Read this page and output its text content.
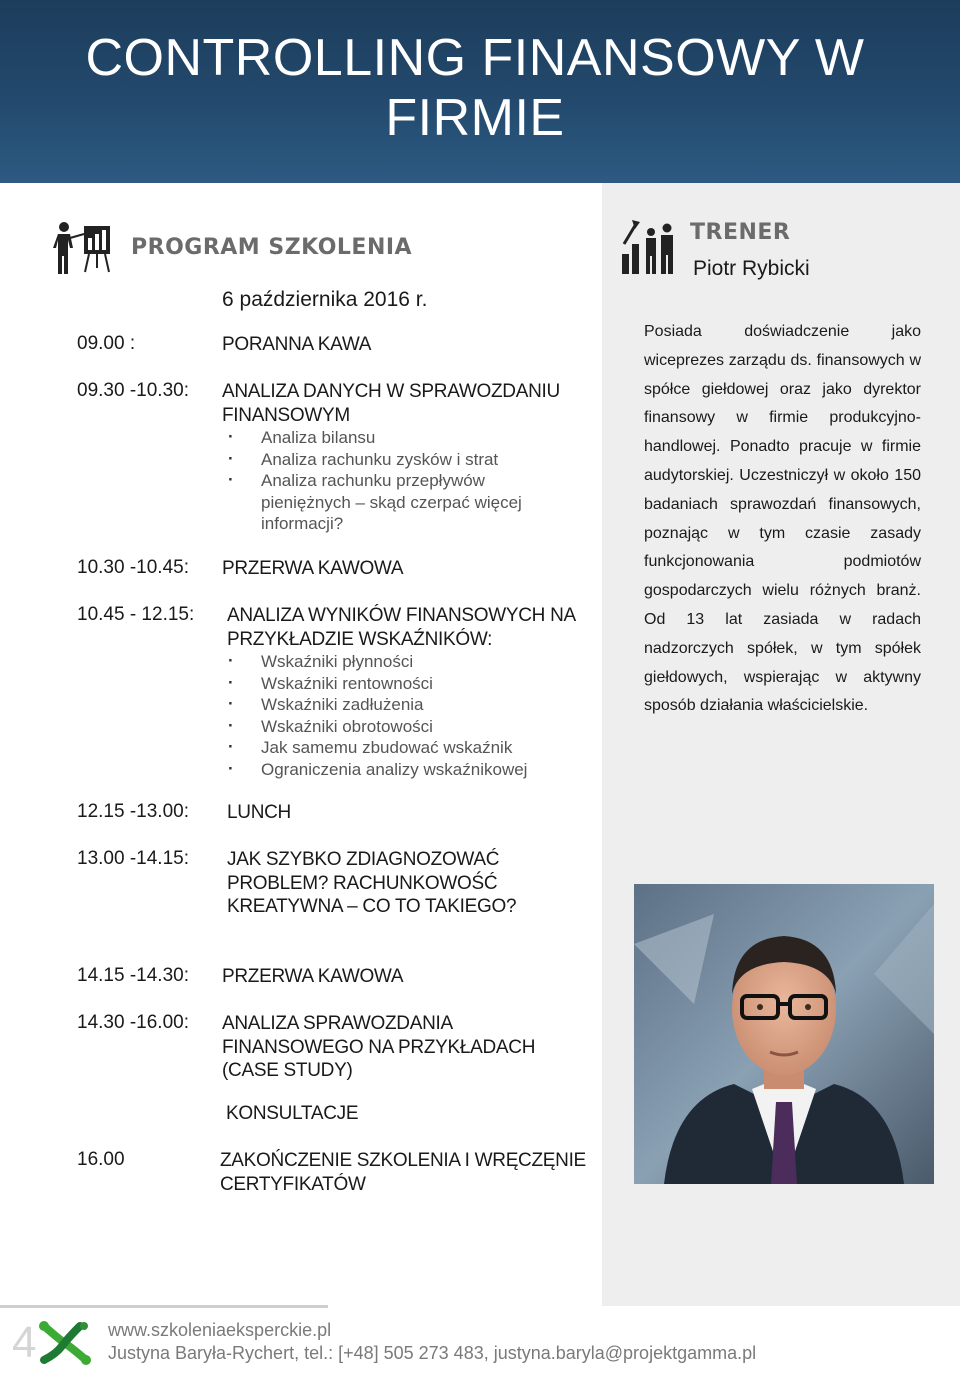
CONTROLLING FINANSOWY W FIRMIE
PROGRAM SZKOLENIA
6 października 2016 r.
09.00 :	PORANNA KAWA
09.30 -10.30: ANALIZA DANYCH W SPRAWOZDANIU FINANSOWYM
· Analiza bilansu
· Analiza rachunku zysków i strat
· Analiza rachunku przepływów pieniężnych – skąd czerpać więcej informacji?
10.30 -10.45: PRZERWA KAWOWA
10.45 - 12.15: ANALIZA WYNIKÓW FINANSOWYCH NA PRZYKŁADZIE WSKAŹNIKÓW:
· Wskaźniki płynności
· Wskaźniki rentowności
· Wskaźniki zadłużenia
· Wskaźniki obrotowości
· Jak samemu zbudować wskaźnik
· Ograniczenia analizy wskaźnikowej
12.15 -13.00: LUNCH
13.00 -14.15: JAK SZYBKO ZDIAGNOZOWAĆ PROBLEM? RACHUNKOWOŚĆ KREATYWNA – CO TO TAKIEGO?
14.15 -14.30: PRZERWA KAWOWA
14.30 -16.00: ANALIZA SPRAWOZDANIA FINANSOWEGO NA PRZYKŁADACH (CASE STUDY)
KONSULTACJE
16.00	ZAKOŃCZENIE SZKOLENIA I WRĘCZĘNIE CERTYFIKATÓW
TRENER
Piotr Rybicki
Posiada doświadczenie jako wiceprezes zarządu ds. finansowych w spółce giełdowej oraz jako dyrektor finansowy w firmie produkcyjno-handlowej. Ponadto pracuje w firmie audytorskiej. Uczestniczył w około 150 badaniach sprawozdań finansowych, poznając w tym czasie zasady funkcjonowania podmiotów gospodarczych wielu różnych branż. Od 13 lat zasiada w radach nadzorczych spółek, w tym spółek giełdowych, wspierając w aktywny sposób działania właścicielskie.
4	www.szkoleniaeksperckie.pl
Justyna Baryła-Rychert, tel.: [+48] 505 273 483, justyna.baryla@projektgamma.pl
